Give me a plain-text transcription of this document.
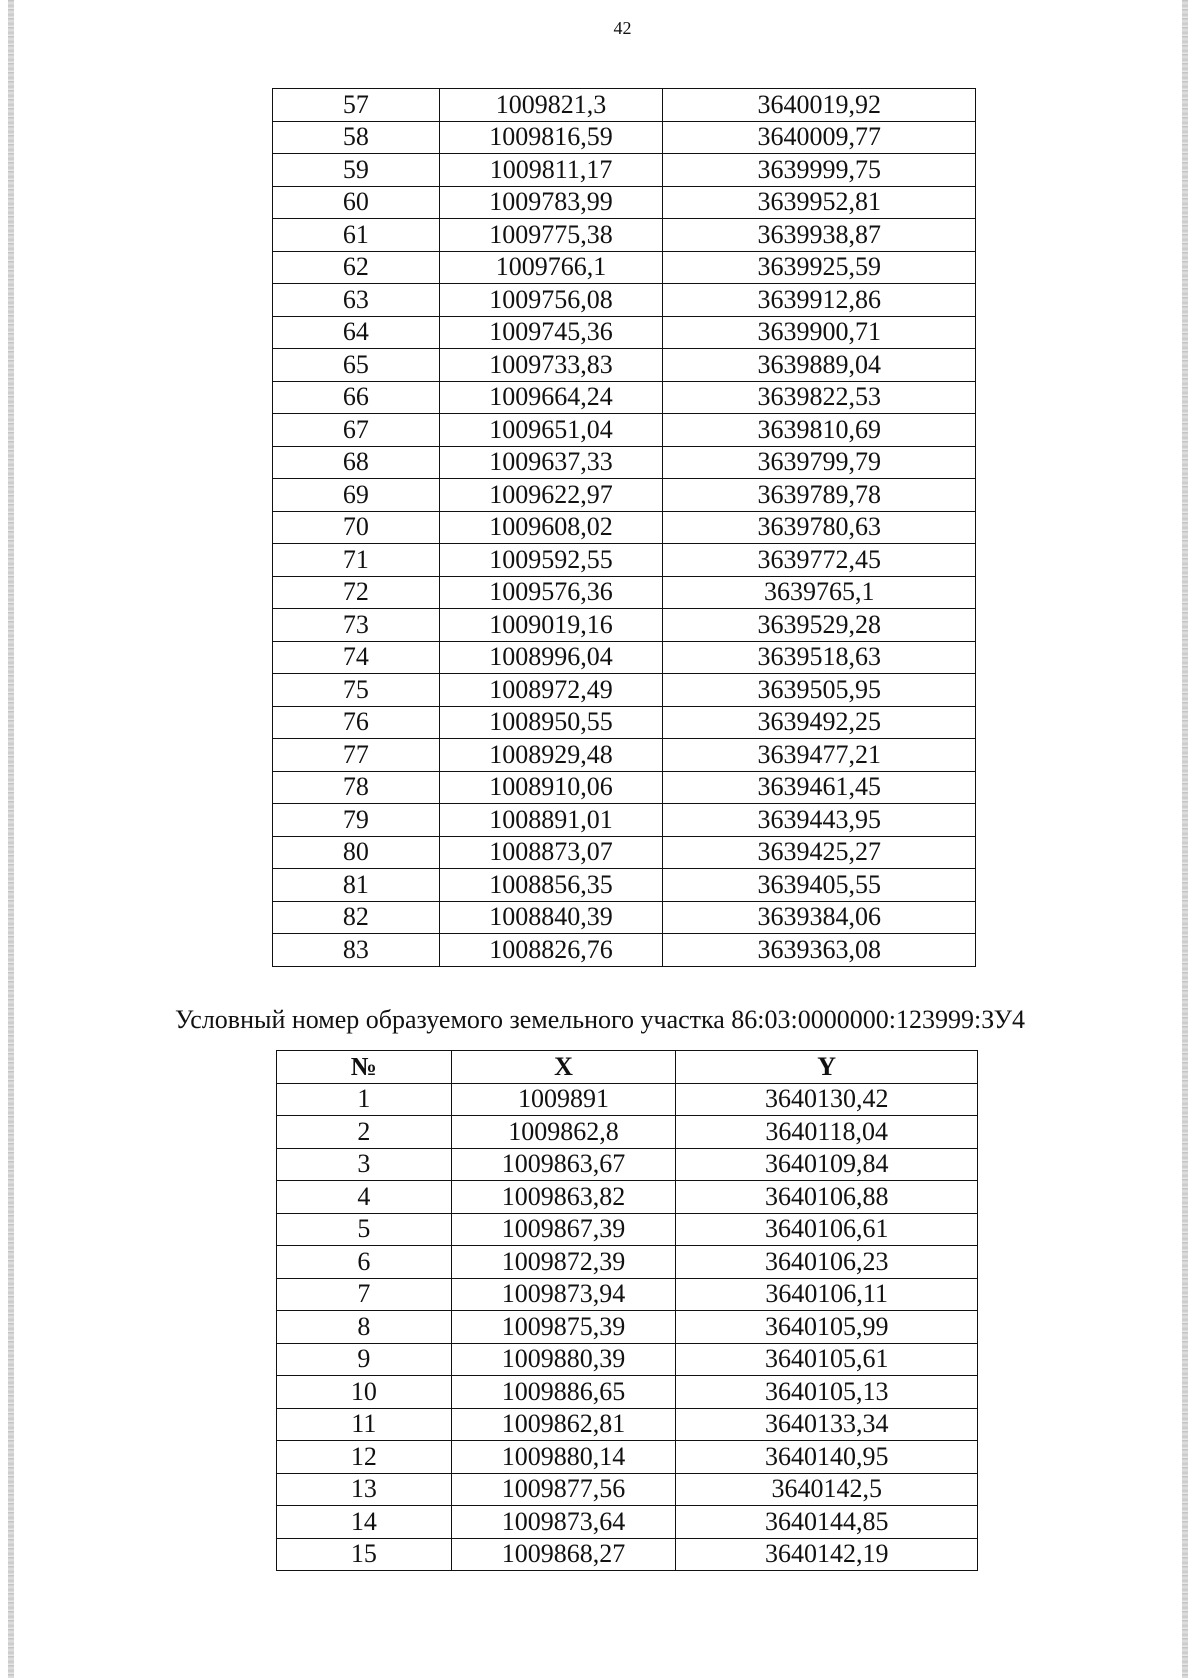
42
57	1009821,3	3640019,92
58	1009816,59	3640009,77
59	1009811,17	3639999,75
60	1009783,99	3639952,81
61	1009775,38	3639938,87
62	1009766,1	3639925,59
63	1009756,08	3639912,86
64	1009745,36	3639900,71
65	1009733,83	3639889,04
66	1009664,24	3639822,53
67	1009651,04	3639810,69
68	1009637,33	3639799,79
69	1009622,97	3639789,78
70	1009608,02	3639780,63
71	1009592,55	3639772,45
72	1009576,36	3639765,1
73	1009019,16	3639529,28
74	1008996,04	3639518,63
75	1008972,49	3639505,95
76	1008950,55	3639492,25
77	1008929,48	3639477,21
78	1008910,06	3639461,45
79	1008891,01	3639443,95
80	1008873,07	3639425,27
81	1008856,35	3639405,55
82	1008840,39	3639384,06
83	1008826,76	3639363,08
Условный номер образуемого земельного участка 86:03:0000000:123999:ЗУ4
№	X	Y
1	1009891	3640130,42
2	1009862,8	3640118,04
3	1009863,67	3640109,84
4	1009863,82	3640106,88
5	1009867,39	3640106,61
6	1009872,39	3640106,23
7	1009873,94	3640106,11
8	1009875,39	3640105,99
9	1009880,39	3640105,61
10	1009886,65	3640105,13
11	1009862,81	3640133,34
12	1009880,14	3640140,95
13	1009877,56	3640142,5
14	1009873,64	3640144,85
15	1009868,27	3640142,19
